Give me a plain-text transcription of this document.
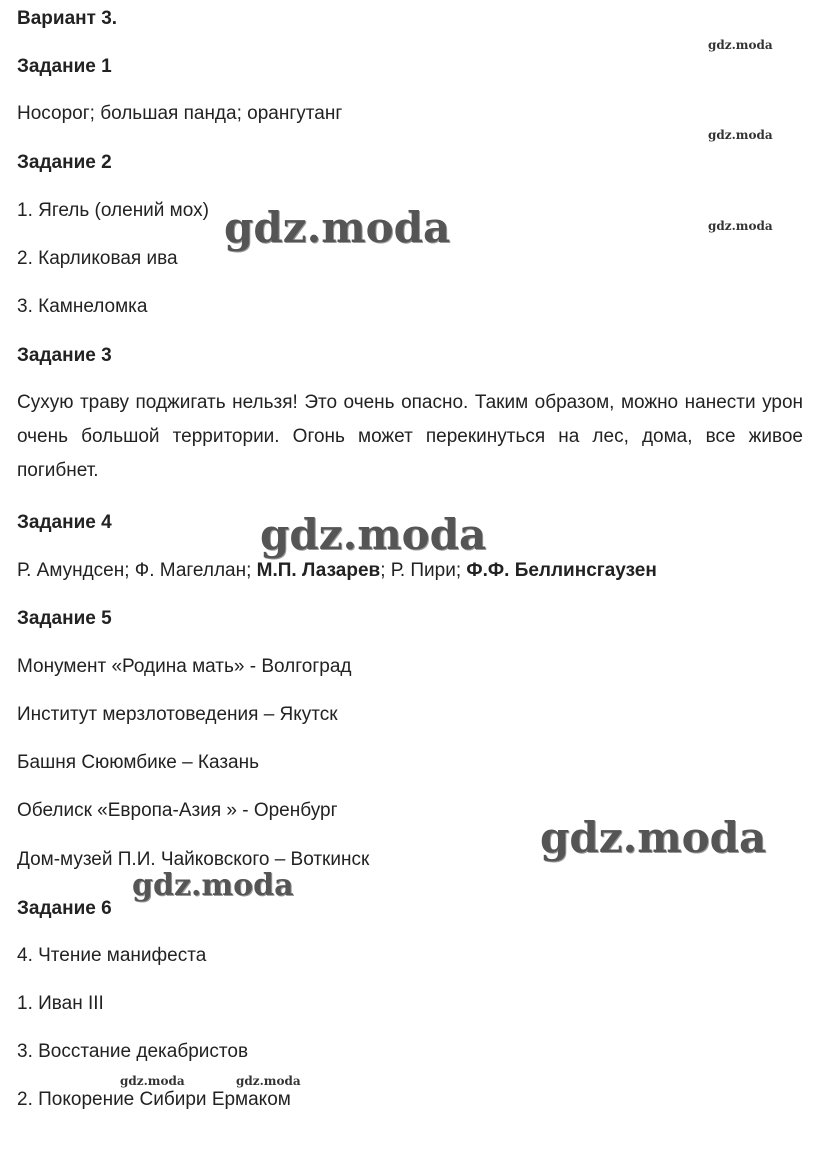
Вариант 3.
Задание 1
Носорог; большая панда; орангутанг
Задание 2
1. Ягель (олений мох)
2. Карликовая ива
3. Камнеломка
Задание 3
Сухую траву поджигать нельзя! Это очень опасно. Таким образом, можно нанести урон очень большой территории. Огонь может перекинуться на лес, дома, все живое погибнет.
Задание 4
Р. Амундсен; Ф. Магеллан; М.П. Лазарев; Р. Пири; Ф.Ф. Беллинсгаузен
Задание 5
Монумент «Родина мать» - Волгоград
Институт мерзлотоведения – Якутск
Башня Сююмбике – Казань
Обелиск «Европа-Азия » - Оренбург
Дом-музей П.И. Чайковского – Воткинск
Задание 6
4. Чтение манифеста
1. Иван III
3. Восстание декабристов
2. Покорение Сибири Ермаком
gdz.moda
gdz.moda
gdz.moda
gdz.moda
gdz.moda
gdz.moda
gdz.moda
gdz.moda	gdz.moda
